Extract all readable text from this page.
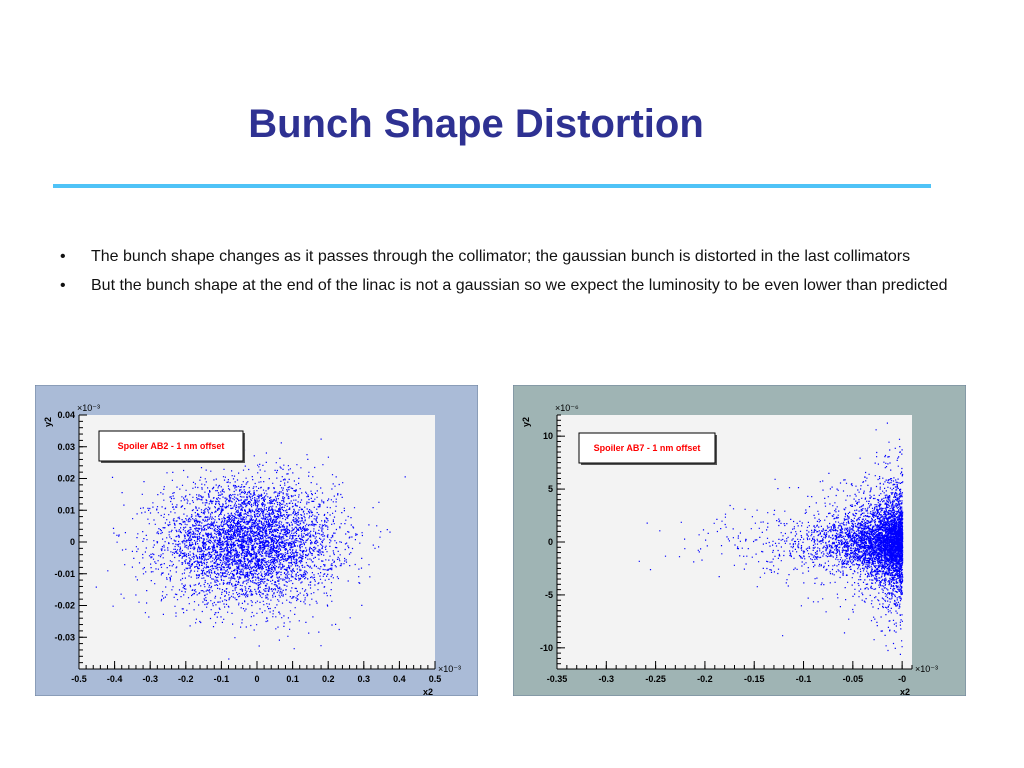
Bunch Shape Distortion
• The bunch shape changes as it passes through the collimator; the gaussian bunch is distorted in the last collimators
• But the bunch shape at the end of the linac is not a gaussian so we expect the luminosity to be even lower than predicted
-0.5 -0.4 -0.3 -0.2 -0.1	0	0.1	0.2	0.3	0.4	0.5
0.04
0.03
0.02
0.01
0
-0.01
-0.02
-0.03
×10⁻³
×10⁻³
x2
y2
Spoiler AB2 - 1 nm offset
-0.35	-0.3	-0.25	-0.2	-0.15	-0.1	-0.05	-0
10
5
0
-5
-10
×10⁻⁶
×10⁻³
x2
y2
Spoiler AB7 - 1 nm offset
